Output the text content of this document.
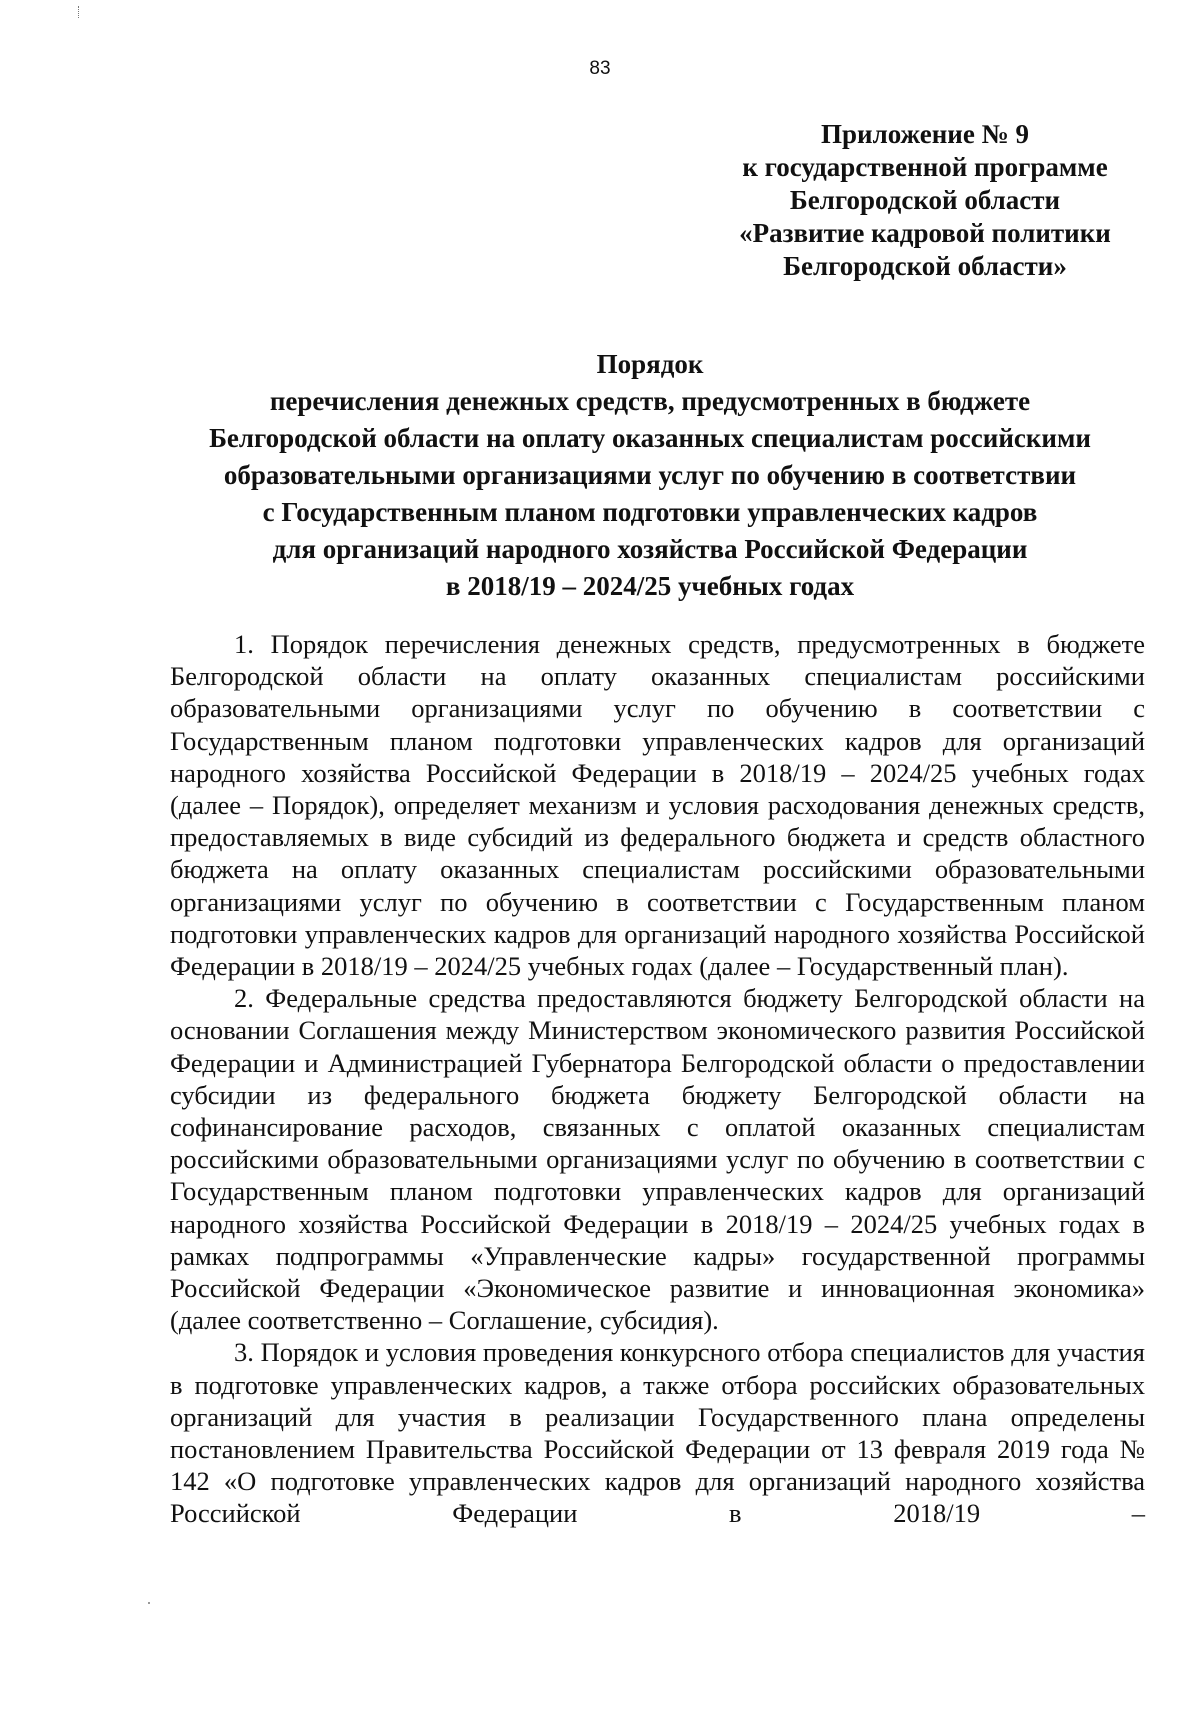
83
Приложение № 9
к государственной программе
Белгородской области
«Развитие кадровой политики
Белгородской области»
Порядок
перечисления денежных средств, предусмотренных в бюджете
Белгородской области на оплату оказанных специалистам российскими
образовательными организациями услуг по обучению в соответствии
с Государственным планом подготовки управленческих кадров
для организаций народного хозяйства Российской Федерации
в 2018/19 – 2024/25 учебных годах

1. Порядок перечисления денежных средств, предусмотренных в бюджете Белгородской области на оплату оказанных специалистам российскими образовательными организациями услуг по обучению в соответствии с Государственным планом подготовки управленческих кадров для организаций народного хозяйства Российской Федерации в 2018/19 – 2024/25 учебных годах (далее – Порядок), определяет механизм и условия расходования денежных средств, предоставляемых в виде субсидий из федерального бюджета и средств областного бюджета на оплату оказанных специалистам российскими образовательными организациями услуг по обучению в соответствии с Государственным планом подготовки управленческих кадров для организаций народного хозяйства Российской Федерации в 2018/19 – 2024/25 учебных годах (далее – Государственный план).

2. Федеральные средства предоставляются бюджету Белгородской области на основании Соглашения между Министерством экономического развития Российской Федерации и Администрацией Губернатора Белгородской области о предоставлении субсидии из федерального бюджета бюджету Белгородской области на софинансирование расходов, связанных с оплатой оказанных специалистам российскими образовательными организациями услуг по обучению в соответствии с Государственным планом подготовки управленческих кадров для организаций народного хозяйства Российской Федерации в 2018/19 – 2024/25 учебных годах в рамках подпрограммы «Управленческие кадры» государственной программы Российской Федерации «Экономическое развитие и инновационная экономика» (далее соответственно – Соглашение, субсидия).

3. Порядок и условия проведения конкурсного отбора специалистов для участия в подготовке управленческих кадров, а также отбора российских образовательных организаций для участия в реализации Государственного плана определены постановлением Правительства Российской Федерации от 13 февраля 2019 года № 142 «О подготовке управленческих кадров для организаций народного хозяйства Российской Федерации в 2018/19 –
